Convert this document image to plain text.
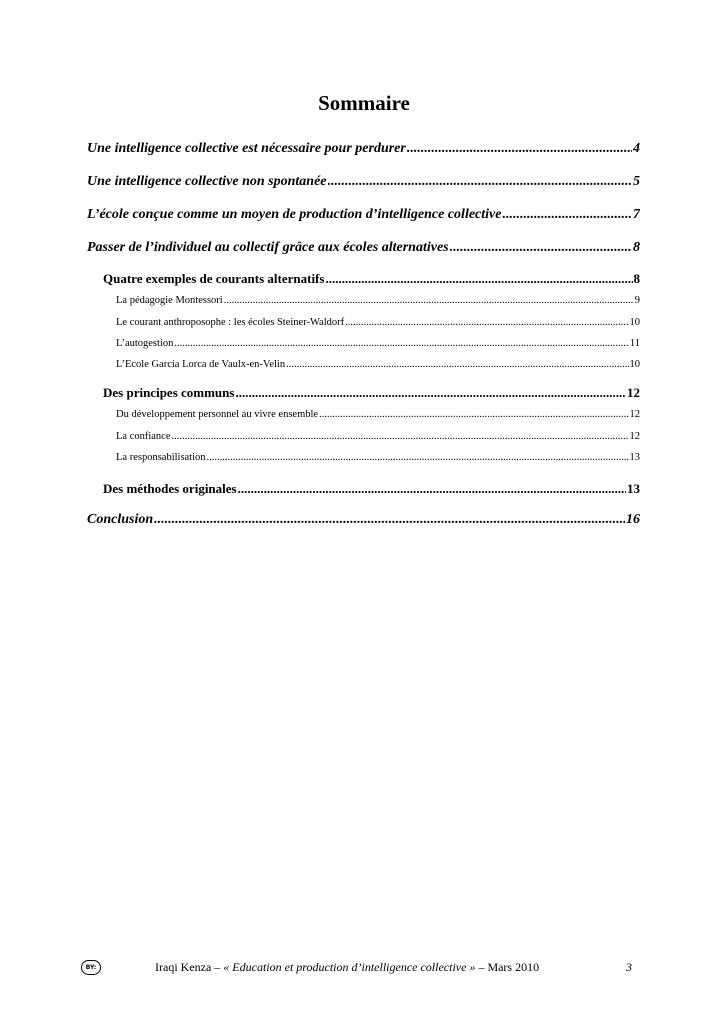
Sommaire
Une intelligence collective est nécessaire pour perdurer .....	4
Une intelligence collective non spontanée .....	5
L’école conçue comme un moyen de production d’intelligence collective .....	7
Passer de l’individuel au collectif grâce aux écoles alternatives .....	8
Quatre exemples de courants alternatifs .....	8
La pédagogie Montessori .....	9
Le courant anthroposophe : les écoles Steiner-Waldorf .....	10
L’autogestion .....	11
L’Ecole Garcia Lorca de Vaulx-en-Velin .....	10
Des principes communs .....	12
Du développement personnel au vivre ensemble .....	12
La confiance .....	12
La responsabilisation .....	13
Des méthodes originales .....	13
Conclusion .....	16
BY:	Iraqi Kenza – « Education et production d’intelligence collective » – Mars 2010	3
